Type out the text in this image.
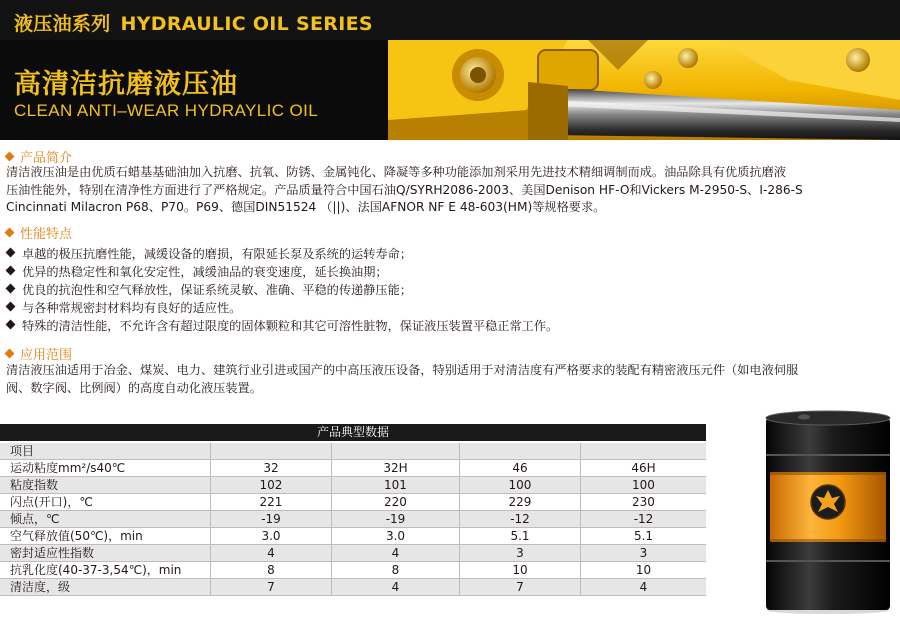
液压油系列 HYDRAULIC OIL SERIES
高清洁抗磨液压油
CLEAN ANTI–WEAR HYDRAYLIC OIL
产品简介
清洁液压油是由优质石蜡基基础油加入抗磨、抗氧、防锈、金属钝化、降凝等多种功能添加剂采用先进技术精细调制而成。油品除具有优质抗磨液
压油性能外，特别在清净性方面进行了严格规定。产品质量符合中国石油Q/SYRH2086-2003、美国Denison HF-O和Vickers M-2950-S、I-286-S
Cincinnati Milacron P68、P70。P69、德国DIN51524 （||)、法国AFNOR NF E 48-603(HM)等规格要求。
性能特点
卓越的极压抗磨性能，减缓设备的磨损，有限延长泵及系统的运转寿命；
优异的热稳定性和氧化安定性，减缓油品的衰变速度，延长换油期；
优良的抗泡性和空气释放性，保证系统灵敏、准确、平稳的传递静压能；
与各种常规密封材料均有良好的适应性。
特殊的清洁性能，不允许含有超过限度的固体颗粒和其它可溶性脏物，保证液压装置平稳正常工作。
应用范围
清洁液压油适用于冶金、煤炭、电力、建筑行业引进或国产的中高压液压设备，特别适用于对清洁度有严格要求的装配有精密液压元件（如电液伺服
阀、数字阀、比例阀）的高度自动化液压装置。
产品典型数据
项目				
运动粘度mm²/s40℃	32	32H	46	46H
粘度指数	102	101	100	100
闪点(开口)，℃	221	220	229	230
倾点，℃	-19	-19	-12	-12
空气释放值(50℃)，min	3.0	3.0	5.1	5.1
密封适应性指数	4	4	3	3
抗乳化度(40-37-3,54℃)，min	8	8	10	10
清洁度，级	7	4	7	4
